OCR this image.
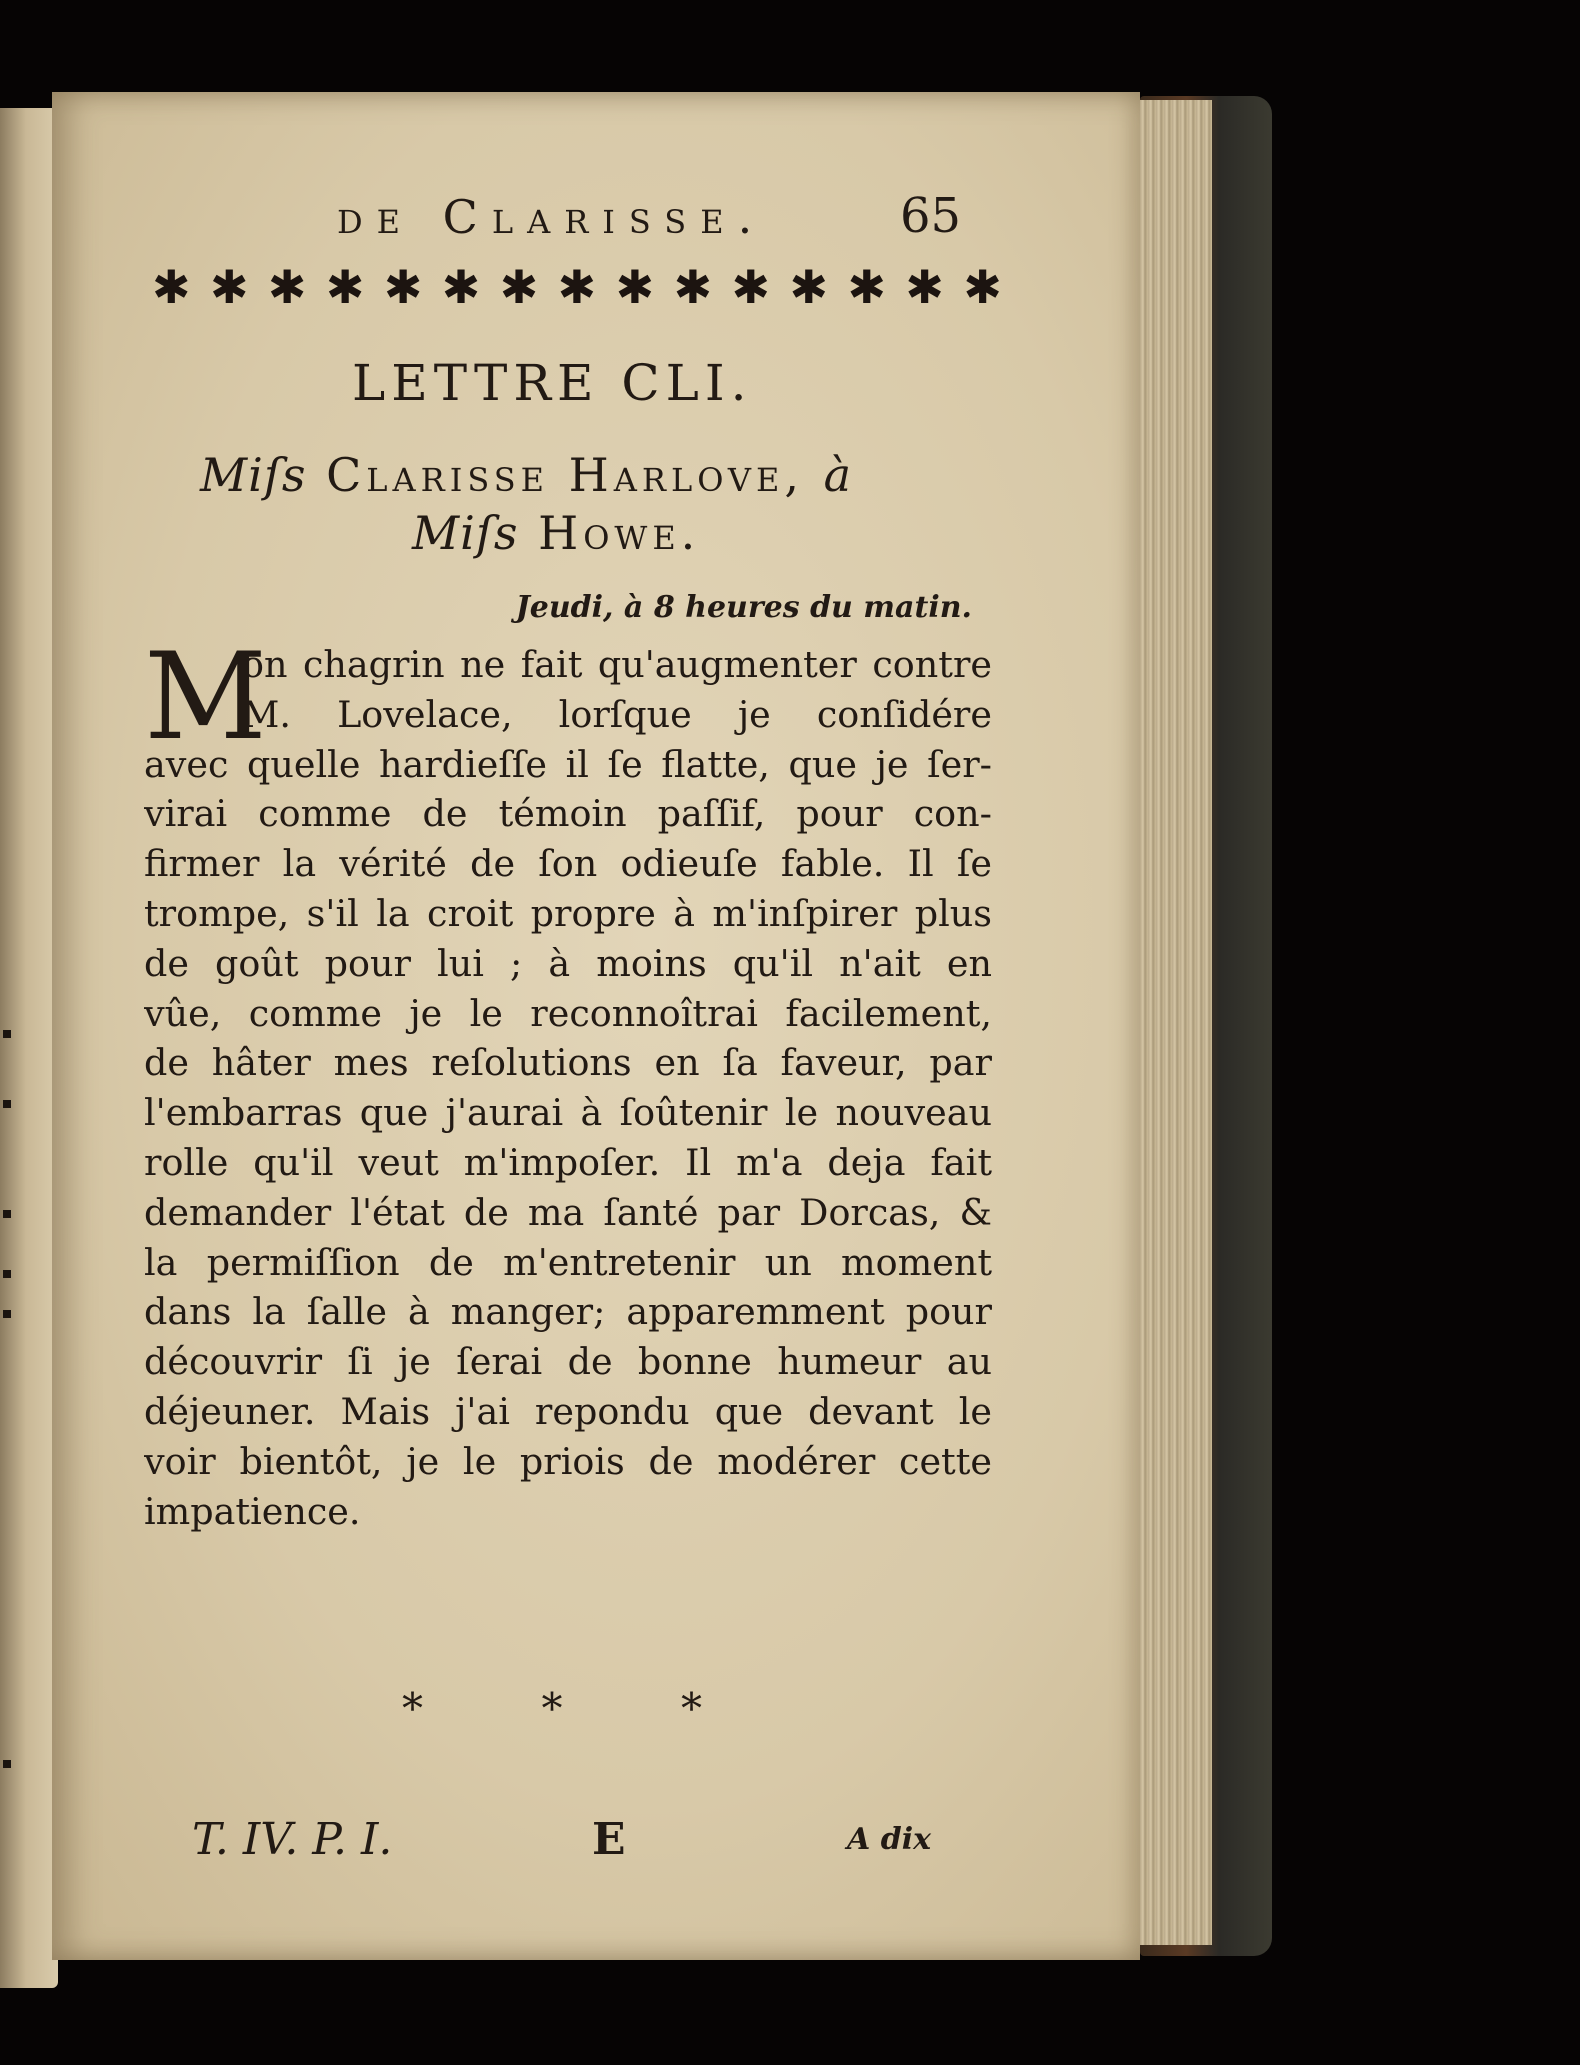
de Clarisse.	65
✱ ✱ ✱ ✱ ✱ ✱ ✱ ✱ ✱ ✱ ✱ ✱ ✱ ✱ ✱
LETTRE CLI.
Miſs Clarisse Harlove, à
Miſs Howe.
Jeudi, à 8 heures du matin.
M
on chagrin ne fait qu'augmenter contre
M. Lovelace, lorſque je conſidére
avec quelle hardieſſe il ſe flatte, que je ſer-
virai comme de témoin paſſif, pour con-
firmer la vérité de ſon odieuſe fable. Il ſe
trompe, s'il la croit propre à m'inſpirer plus
de goût pour lui ; à moins qu'il n'ait en
vûe, comme je le reconnoîtrai facilement,
de hâter mes reſolutions en ſa faveur, par
l'embarras que j'aurai à ſoûtenir le nouveau
rolle qu'il veut m'impoſer. Il m'a deja fait
demander l'état de ma ſanté par Dorcas, &
la permiſſion de m'entretenir un moment
dans la ſalle à manger; apparemment pour
découvrir ſi je ſerai de bonne humeur au
déjeuner. Mais j'ai repondu que devant le
voir bientôt, je le priois de modérer cette
impatience.
*	*	*
T. IV. P. I.	E	A dix
